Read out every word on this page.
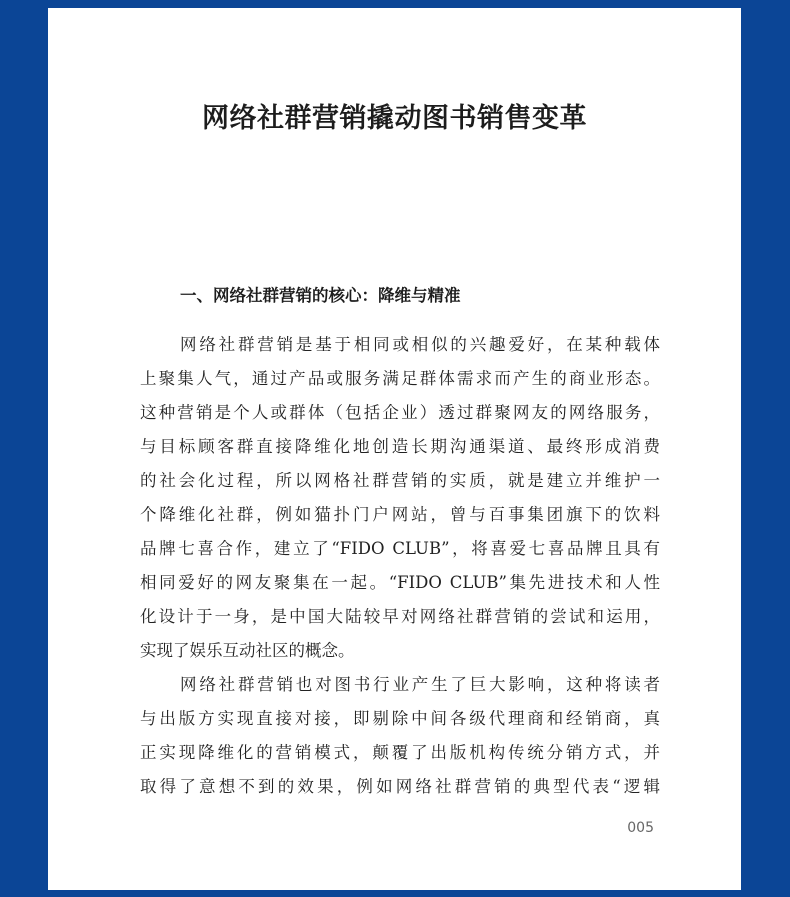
网络社群营销撬动图书销售变革
一、网络社群营销的核心：降维与精准
网络社群营销是基于相同或相似的兴趣爱好，在某种载体
上聚集人气，通过产品或服务满足群体需求而产生的商业形态。
这种营销是个人或群体（包括企业）透过群聚网友的网络服务，
与目标顾客群直接降维化地创造长期沟通渠道、最终形成消费
的社会化过程，所以网格社群营销的实质，就是建立并维护一
个降维化社群，例如猫扑门户网站，曾与百事集团旗下的饮料
品牌七喜合作，建立了“FIDO CLUB”，将喜爱七喜品牌且具有
相同爱好的网友聚集在一起。“FIDO CLUB”集先进技术和人性
化设计于一身，是中国大陆较早对网络社群营销的尝试和运用，
实现了娱乐互动社区的概念。
网络社群营销也对图书行业产生了巨大影响，这种将读者
与出版方实现直接对接，即剔除中间各级代理商和经销商，真
正实现降维化的营销模式，颠覆了出版机构传统分销方式，并
取得了意想不到的效果，例如网络社群营销的典型代表“逻辑
005
